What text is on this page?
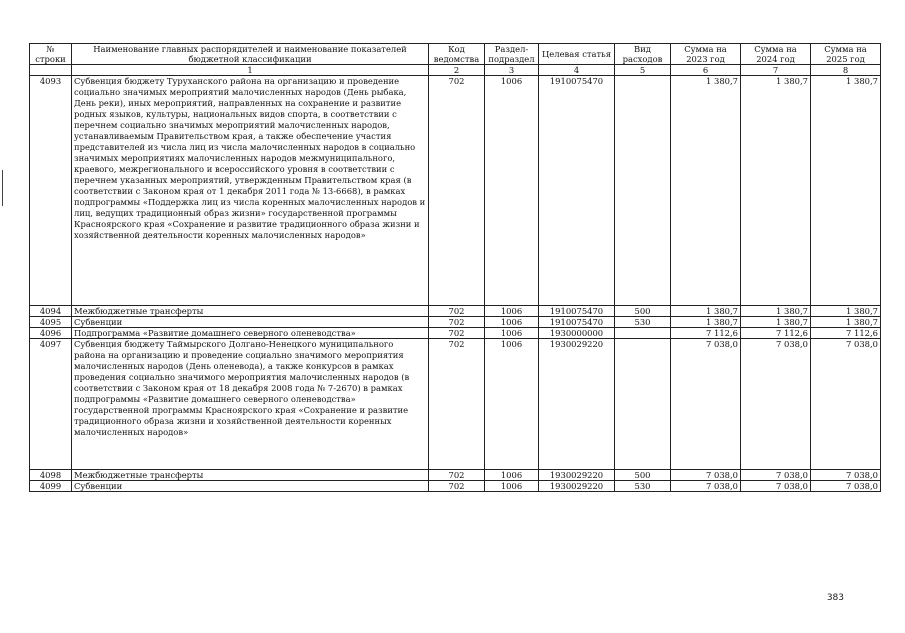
№ строки	Наименование главных распорядителей и наименование показателей бюджетной классификации	Код ведомства	Раздел-подраздел	Целевая статья	Вид расходов	Сумма на 2023 год	Сумма на 2024 год	Сумма на 2025 год
	1	2	3	4	5	6	7	8
4093	Субвенция бюджету Туруханского района на организацию и проведение социально значимых мероприятий малочисленных народов (День рыбака, День реки), иных мероприятий, направленных на сохранение и развитие родных языков, культуры, национальных видов спорта, в соответствии с перечнем социально значимых мероприятий малочисленных народов, устанавливаемым Правительством края, а также обеспечение участия представителей из числа лиц из числа малочисленных народов в социально значимых мероприятиях малочисленных народов межмуниципального, краевого, межрегионального и всероссийского уровня в соответствии с перечнем указанных мероприятий, утвержденным Правительством края (в соответствии с Законом края от 1 декабря 2011 года № 13-6668), в рамках подпрограммы «Поддержка лиц из числа коренных малочисленных народов и лиц, ведущих традиционный образ жизни» государственной программы Красноярского края «Сохранение и развитие традиционного образа жизни и хозяйственной деятельности коренных малочисленных народов»	702	1006	1910075470		1 380,7	1 380,7	1 380,7
4094	Межбюджетные трансферты	702	1006	1910075470	500	1 380,7	1 380,7	1 380,7
4095	Субвенции	702	1006	1910075470	530	1 380,7	1 380,7	1 380,7
4096	Подпрограмма «Развитие домашнего северного оленеводства»	702	1006	1930000000		7 112,6	7 112,6	7 112,6
4097	Субвенция бюджету Таймырского Долгано-Ненецкого муниципального района на организацию и проведение социально значимого мероприятия малочисленных народов (День оленевода), а также конкурсов в рамках проведения социально значимого мероприятия малочисленных народов (в соответствии с Законом края от 18 декабря 2008 года № 7-2670) в рамках подпрограммы «Развитие домашнего северного оленеводства» государственной программы Красноярского края «Сохранение и развитие традиционного образа жизни и хозяйственной деятельности коренных малочисленных народов»	702	1006	1930029220		7 038,0	7 038,0	7 038,0
4098	Межбюджетные трансферты	702	1006	1930029220	500	7 038,0	7 038,0	7 038,0
4099	Субвенции	702	1006	1930029220	530	7 038,0	7 038,0	7 038,0
383
